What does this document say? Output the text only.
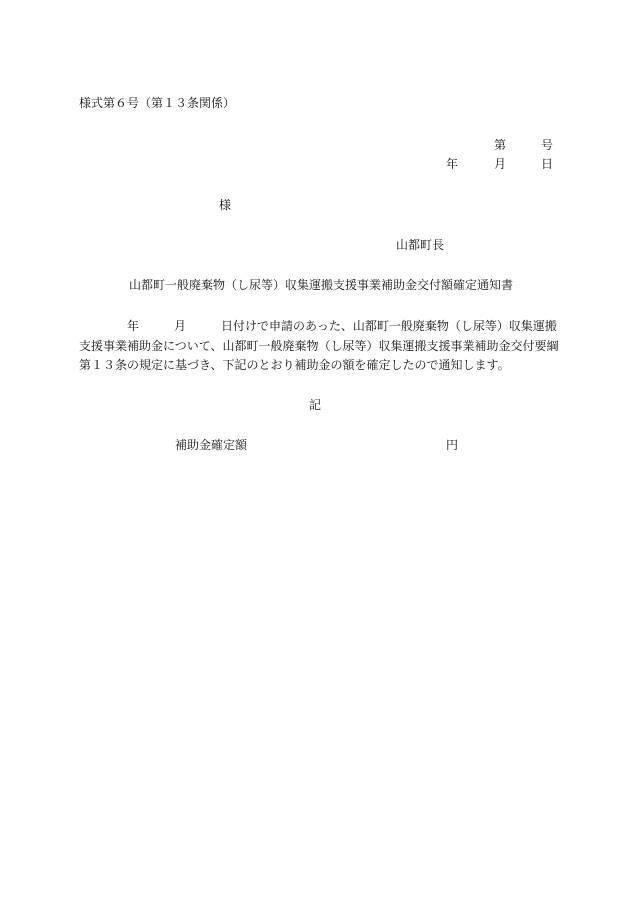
様式第６号（第１３条関係）
第	号
年	月	日
様
山都町長
山都町一般廃棄物（し尿等）収集運搬支援事業補助金交付額確定通知書

年

	月

	日付けで申請のあった、山都町一般廃棄物（し尿等）収集運搬

支援事業補助金について、山都町一般廃棄物（し尿等）収集運搬支援事業補助金交付要綱
第１３条の規定に基づき、下記のとおり補助金の額を確定したので通知します。
記
補助金確定額	円
